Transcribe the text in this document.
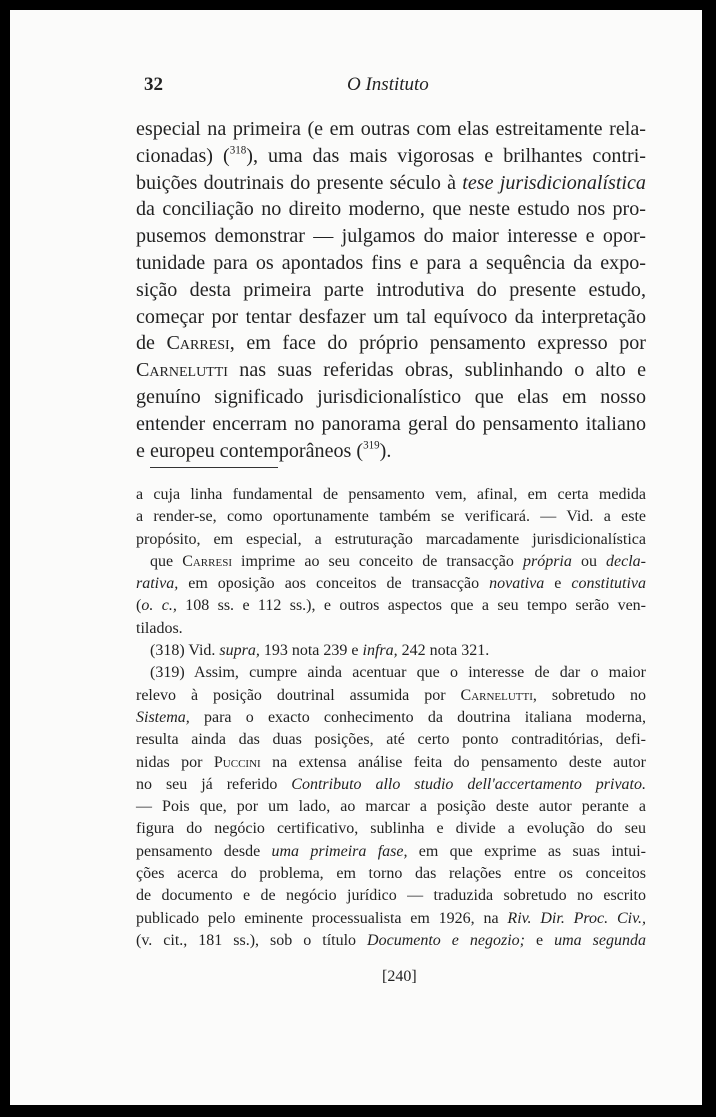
32	O Instituto
especial na primeira (e em outras com elas estreitamente rela-
cionadas) ($^{318}$), uma das mais vigorosas e brilhantes contri-
buições doutrinais do presente século à tese jurisdicionalística
da conciliação no direito moderno, que neste estudo nos pro-
pusemos demonstrar — julgamos do maior interesse e opor-
tunidade para os apontados fins e para a sequência da expo-
sição desta primeira parte introdutiva do presente estudo,
começar por tentar desfazer um tal equívoco da interpretação
de Carresi, em face do próprio pensamento expresso por
Carnelutti nas suas referidas obras, sublinhando o alto e
genuíno significado jurisdicionalístico que elas em nosso
entender encerram no panorama geral do pensamento italiano
e europeu contemporâneos ($^{319}$).
a cuja linha fundamental de pensamento vem, afinal, em certa medida
a render-se, como oportunamente também se verificará. — Vid. a este
propósito, em especial, a estruturação marcadamente jurisdicionalística
que Carresi imprime ao seu conceito de transacção própria ou decla-
rativa, em oposição aos conceitos de transacção novativa e constitutiva
(o. c., 108 ss. e 112 ss.), e outros aspectos que a seu tempo serão ven-
tilados.
(318) Vid. supra, 193 nota 239 e infra, 242 nota 321.
(319) Assim, cumpre ainda acentuar que o interesse de dar o maior
relevo à posição doutrinal assumida por Carnelutti, sobretudo no
Sistema, para o exacto conhecimento da doutrina italiana moderna,
resulta ainda das duas posições, até certo ponto contraditórias, defi-
nidas por Puccini na extensa análise feita do pensamento deste autor
no seu já referido Contributo allo studio dell'accertamento privato.
— Pois que, por um lado, ao marcar a posição deste autor perante a
figura do negócio certificativo, sublinha e divide a evolução do seu
pensamento desde uma primeira fase, em que exprime as suas intui-
ções acerca do problema, em torno das relações entre os conceitos
de documento e de negócio jurídico — traduzida sobretudo no escrito
publicado pelo eminente processualista em 1926, na Riv. Dir. Proc. Civ.,
(v. cit., 181 ss.), sob o título Documento e negozio; e uma segunda
[240]
